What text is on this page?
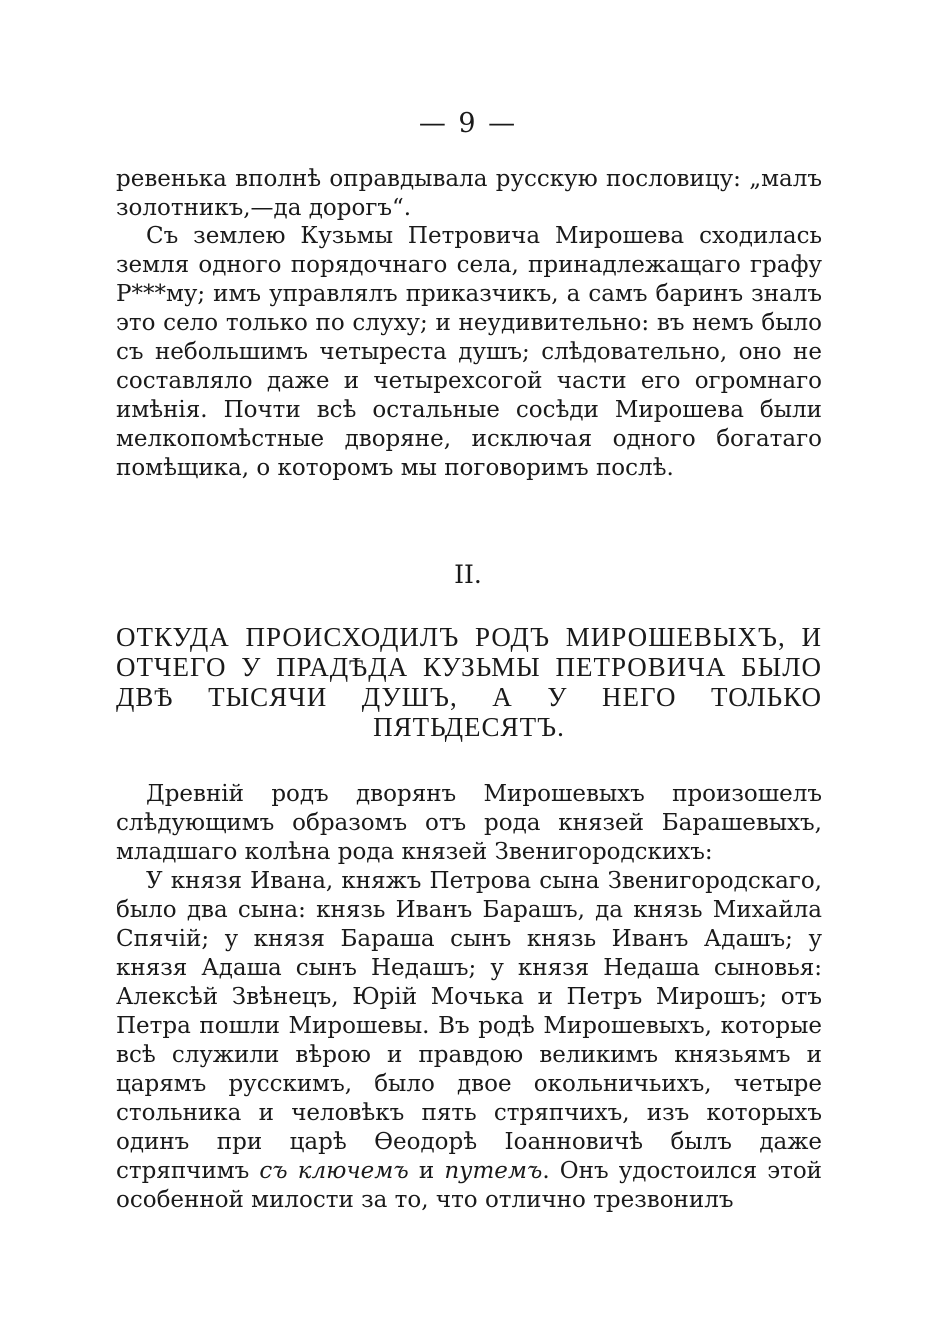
— 9 —

ревенька вполнѣ оправдывала русскую пословицу: „малъ золотникъ,—да дорогъ“.

Съ землею Кузьмы Петровича Мирошева сходилась земля одного порядочнаго села, принадлежащаго графу Р***му; имъ управлялъ приказчикъ, а самъ баринъ зналъ это село только по слуху; и неудивительно: въ немъ было съ небольшимъ четыреста душъ; слѣдовательно, оно не составляло даже и четырехсогой части его огромнаго имѣнія. Почти всѣ остальные сосѣди Мирошева были мелкопомѣстные дворяне, исключая одного богатаго помѣщика, о которомъ мы поговоримъ послѣ.

II.
ОТКУДА ПРОИСХОДИЛЪ РОДЪ МИРОШЕВЫХЪ, И ОТЧЕГО У ПРАДѢДА КУЗЬМЫ ПЕТРОВИЧА БЫЛО ДВѢ ТЫСЯЧИ ДУШЪ, А У НЕГО ТОЛЬКО ПЯТЬДЕСЯТЪ.

Древній родъ дворянъ Мирошевыхъ произошелъ слѣдующимъ образомъ отъ рода князей Барашевыхъ, младшаго колѣна рода князей Звенигородскихъ:

У князя Ивана, княжъ Петрова сына Звенигородскаго, было два сына: князь Иванъ Барашъ, да князь Михайла Спячій; у князя Бараша сынъ князь Иванъ Адашъ; у князя Адаша сынъ Недашъ; у князя Недаша сыновья: Алексѣй Звѣнецъ, Юрій Мочька и Петръ Мирошъ; отъ Петра пошли Мирошевы. Въ родѣ Мирошевыхъ, которые всѣ служили вѣрою и правдою великимъ князьямъ и царямъ русскимъ, было двое окольничьихъ, четыре стольника и человѣкъ пять стряпчихъ, изъ которыхъ одинъ при царѣ Ѳеодорѣ Іоанновичѣ былъ даже стряпчимъ съ ключемъ и путемъ. Онъ удостоился этой особенной милости за то, что отлично трезвонилъ
